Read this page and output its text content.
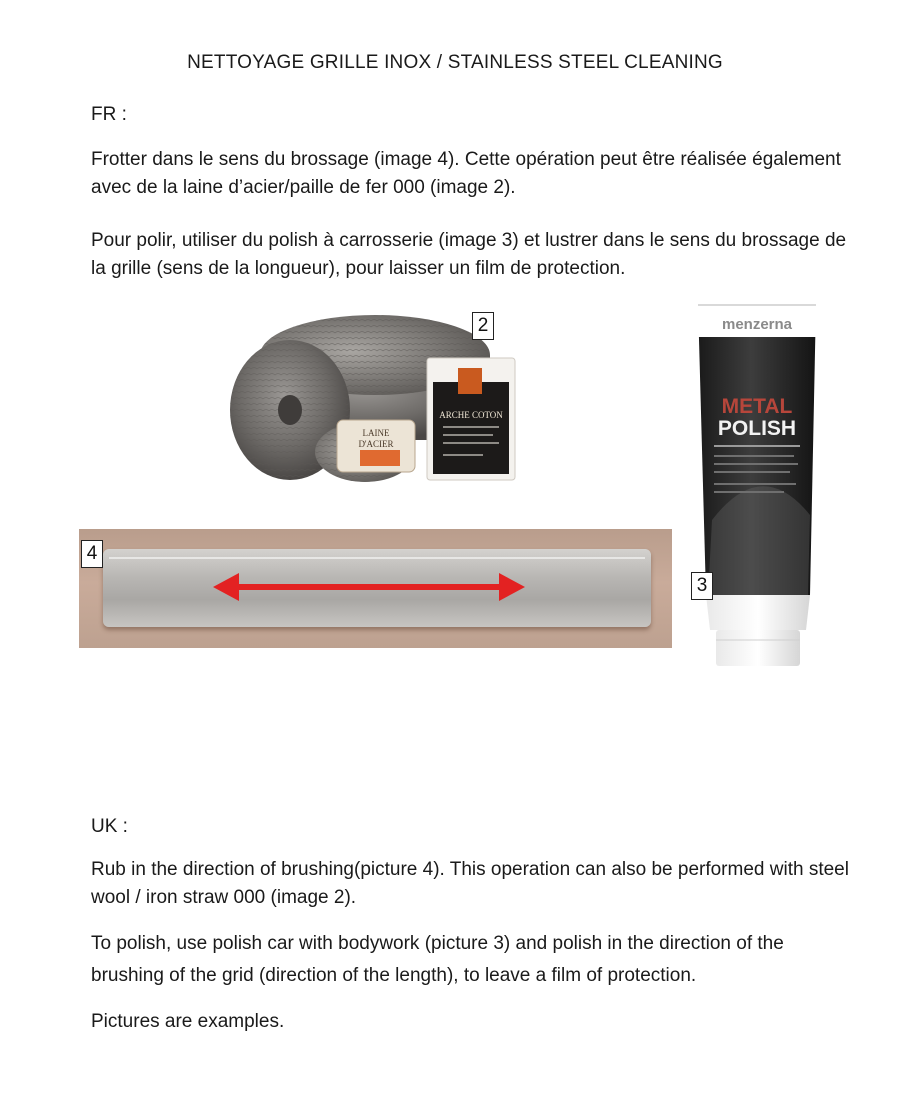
NETTOYAGE GRILLE INOX / STAINLESS STEEL CLEANING
FR :
Frotter dans le sens du brossage (image 4). Cette opération peut être réalisée également avec de la laine d’acier/paille de fer 000 (image 2).
Pour polir, utiliser du polish à carrosserie (image 3) et lustrer dans le sens du brossage de la grille (sens de la longueur), pour laisser un film de protection.
LAINE
D'ACIER
ARCHE COTON
2
4
menzerna
METAL
POLISH
3
UK :
Rub in the direction of brushing(picture 4). This operation can also be performed with steel wool / iron straw 000 (image 2).
To polish, use polish car with bodywork (picture 3) and polish in the direction of the brushing of the grid (direction of the length), to leave a film of protection.
Pictures are examples.
